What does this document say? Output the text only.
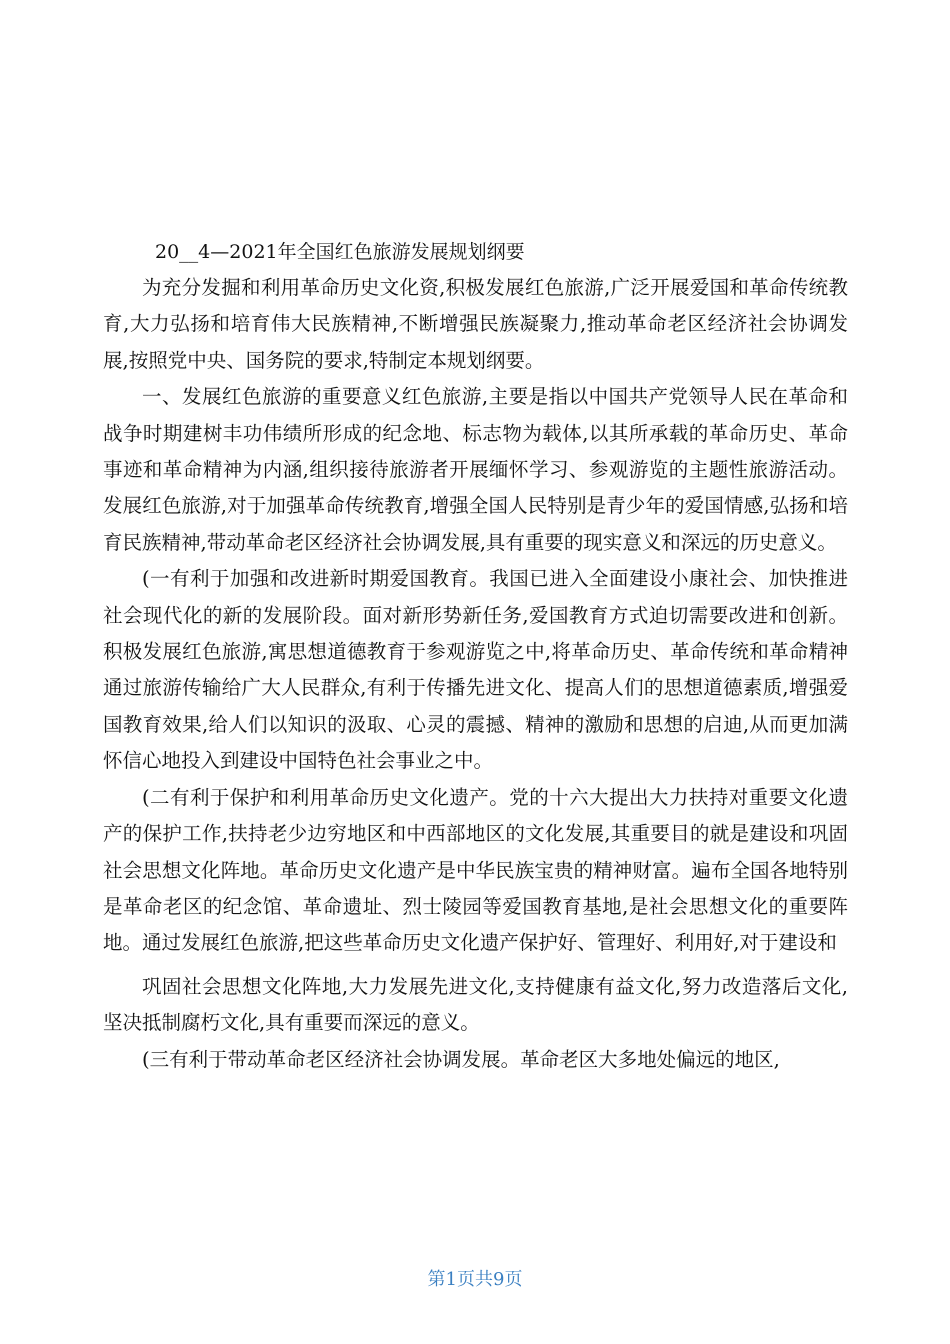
20__4—2021年全国红色旅游发展规划纲要

为充分发掘和利用革命历史文化资,积极发展红色旅游,广泛开展爱国和革命传统教育,大力弘扬和培育伟大民族精神,不断增强民族凝聚力,推动革命老区经济社会协调发展,按照党中央、国务院的要求,特制定本规划纲要。

一、发展红色旅游的重要意义红色旅游,主要是指以中国共产党领导人民在革命和战争时期建树丰功伟绩所形成的纪念地、标志物为载体,以其所承载的革命历史、革命事迹和革命精神为内涵,组织接待旅游者开展缅怀学习、参观游览的主题性旅游活动。发展红色旅游,对于加强革命传统教育,增强全国人民特别是青少年的爱国情感,弘扬和培育民族精神,带动革命老区经济社会协调发展,具有重要的现实意义和深远的历史意义。

(一有利于加强和改进新时期爱国教育。我国已进入全面建设小康社会、加快推进社会现代化的新的发展阶段。面对新形势新任务,爱国教育方式迫切需要改进和创新。积极发展红色旅游,寓思想道德教育于参观游览之中,将革命历史、革命传统和革命精神通过旅游传输给广大人民群众,有利于传播先进文化、提高人们的思想道德素质,增强爱国教育效果,给人们以知识的汲取、心灵的震撼、精神的激励和思想的启迪,从而更加满怀信心地投入到建设中国特色社会事业之中。

(二有利于保护和利用革命历史文化遗产。党的十六大提出大力扶持对重要文化遗产的保护工作,扶持老少边穷地区和中西部地区的文化发展,其重要目的就是建设和巩固社会思想文化阵地。革命历史文化遗产是中华民族宝贵的精神财富。遍布全国各地特别是革命老区的纪念馆、革命遗址、烈士陵园等爱国教育基地,是社会思想文化的重要阵地。通过发展红色旅游,把这些革命历史文化遗产保护好、管理好、利用好,对于建设和

巩固社会思想文化阵地,大力发展先进文化,支持健康有益文化,努力改造落后文化,坚决抵制腐朽文化,具有重要而深远的意义。

(三有利于带动革命老区经济社会协调发展。革命老区大多地处偏远的地区,

第1页共9页
